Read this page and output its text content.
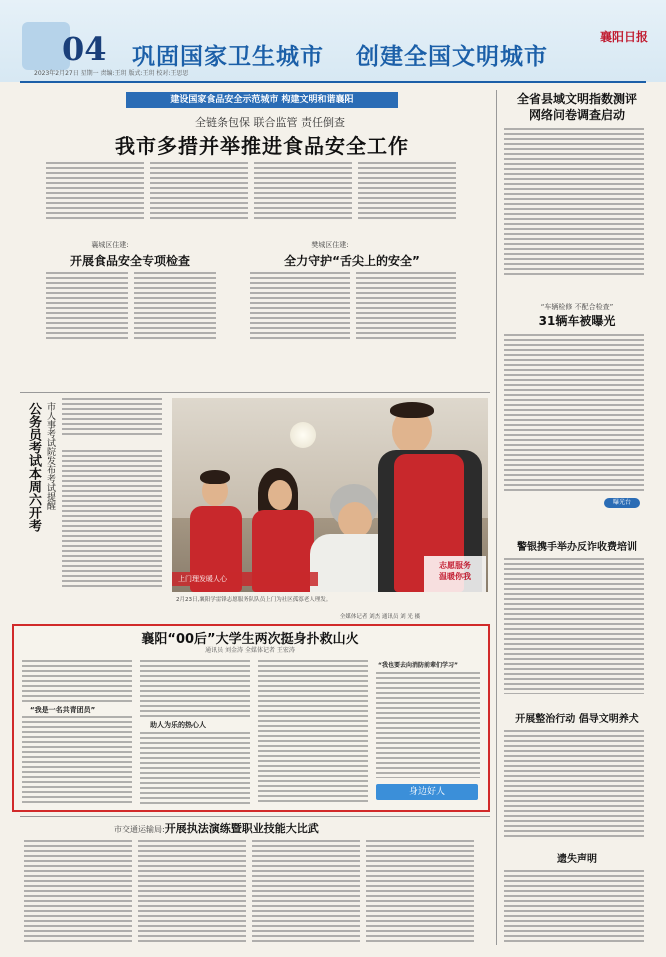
04 巩固国家卫生城市 创建全国文明城市
襄阳日报
2023年2月27日 星期一 责编:王玥 版式:王玥 校对:王思思
建设国家食品安全示范城市 构建文明和谐襄阳
全链条包保 联合监管 责任倒查
我市多措并举推进食品安全工作
襄城区住建:
开展食品安全专项检查
樊城区住建:
全力守护“舌尖上的安全”
市人事考试院发布考试提醒
公务员考试本周六开考
上门理发暖人心
志愿服务
温暖你我
2月23日,襄阳学雷锋志愿服务队队员上门为社区孤寡老人理发。
全媒体记者 刘杰 通讯员 刘 光 摄
襄阳“00后”大学生两次挺身扑救山火
通讯员 刘金涛 全媒体记者 王宏涛
“我是一名共青团员”
助人为乐的热心人
“我也要去向消防前辈们学习”
身边好人
市交通运输局:开展执法演练暨职业技能大比武
全省县域文明指数测评
网络问卷调查启动
“车辆检修 不配合检查”
31辆车被曝光
曝光台
警银携手举办反诈收费培训
开展整治行动 倡导文明养犬
遗失声明
